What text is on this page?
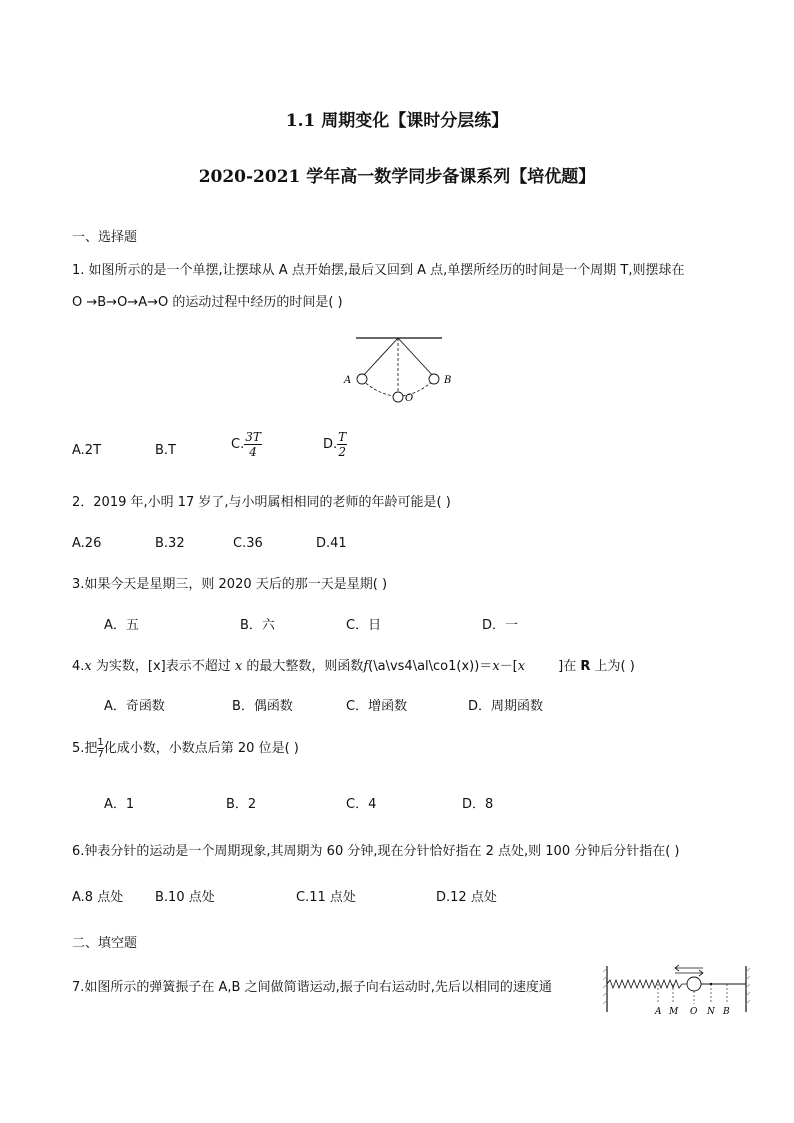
1.1 周期变化【课时分层练】
2020-2021 学年高一数学同步备课系列【培优题】
一、选择题
1. 如图所示的是一个单摆,让摆球从 A 点开始摆,最后又回到 A 点,单摆所经历的时间是一个周期 T,则摆球在
O →B→O→A→O 的运动过程中经历的时间是( )
A	B
O
A.2T	B.T	C. $\frac{3T}{4}$	D. $\frac{T}{2}$
2．2019 年,小明 17 岁了,与小明属相相同的老师的年龄可能是( )
A.26	B.32	C.36	D.41
3.如果今天是星期三，则 2020 天后的那一天是星期( )
A．五	B．六	C．日	D．一
4.x 为实数，[x]表示不超过 x 的最大整数，则函数f(\a\vs4\al\co1(x))＝x－[x        ]在 R 上为( )
A．奇函数	B．偶函数	C．增函数	D．周期函数
5.把 $\frac{1}{7}$ 化成小数，小数点后第 20 位是( )
A．1	B．2	C．4	D．8
6.钟表分针的运动是一个周期现象,其周期为 60 分钟,现在分针恰好指在 2 点处,则 100 分钟后分针指在( )
A.8 点处 B.10 点处	C.11 点处	D.12 点处
二、填空题
7.如图所示的弹簧振子在 A,B 之间做简谐运动,振子向右运动时,先后以相同的速度通
A M O N B
